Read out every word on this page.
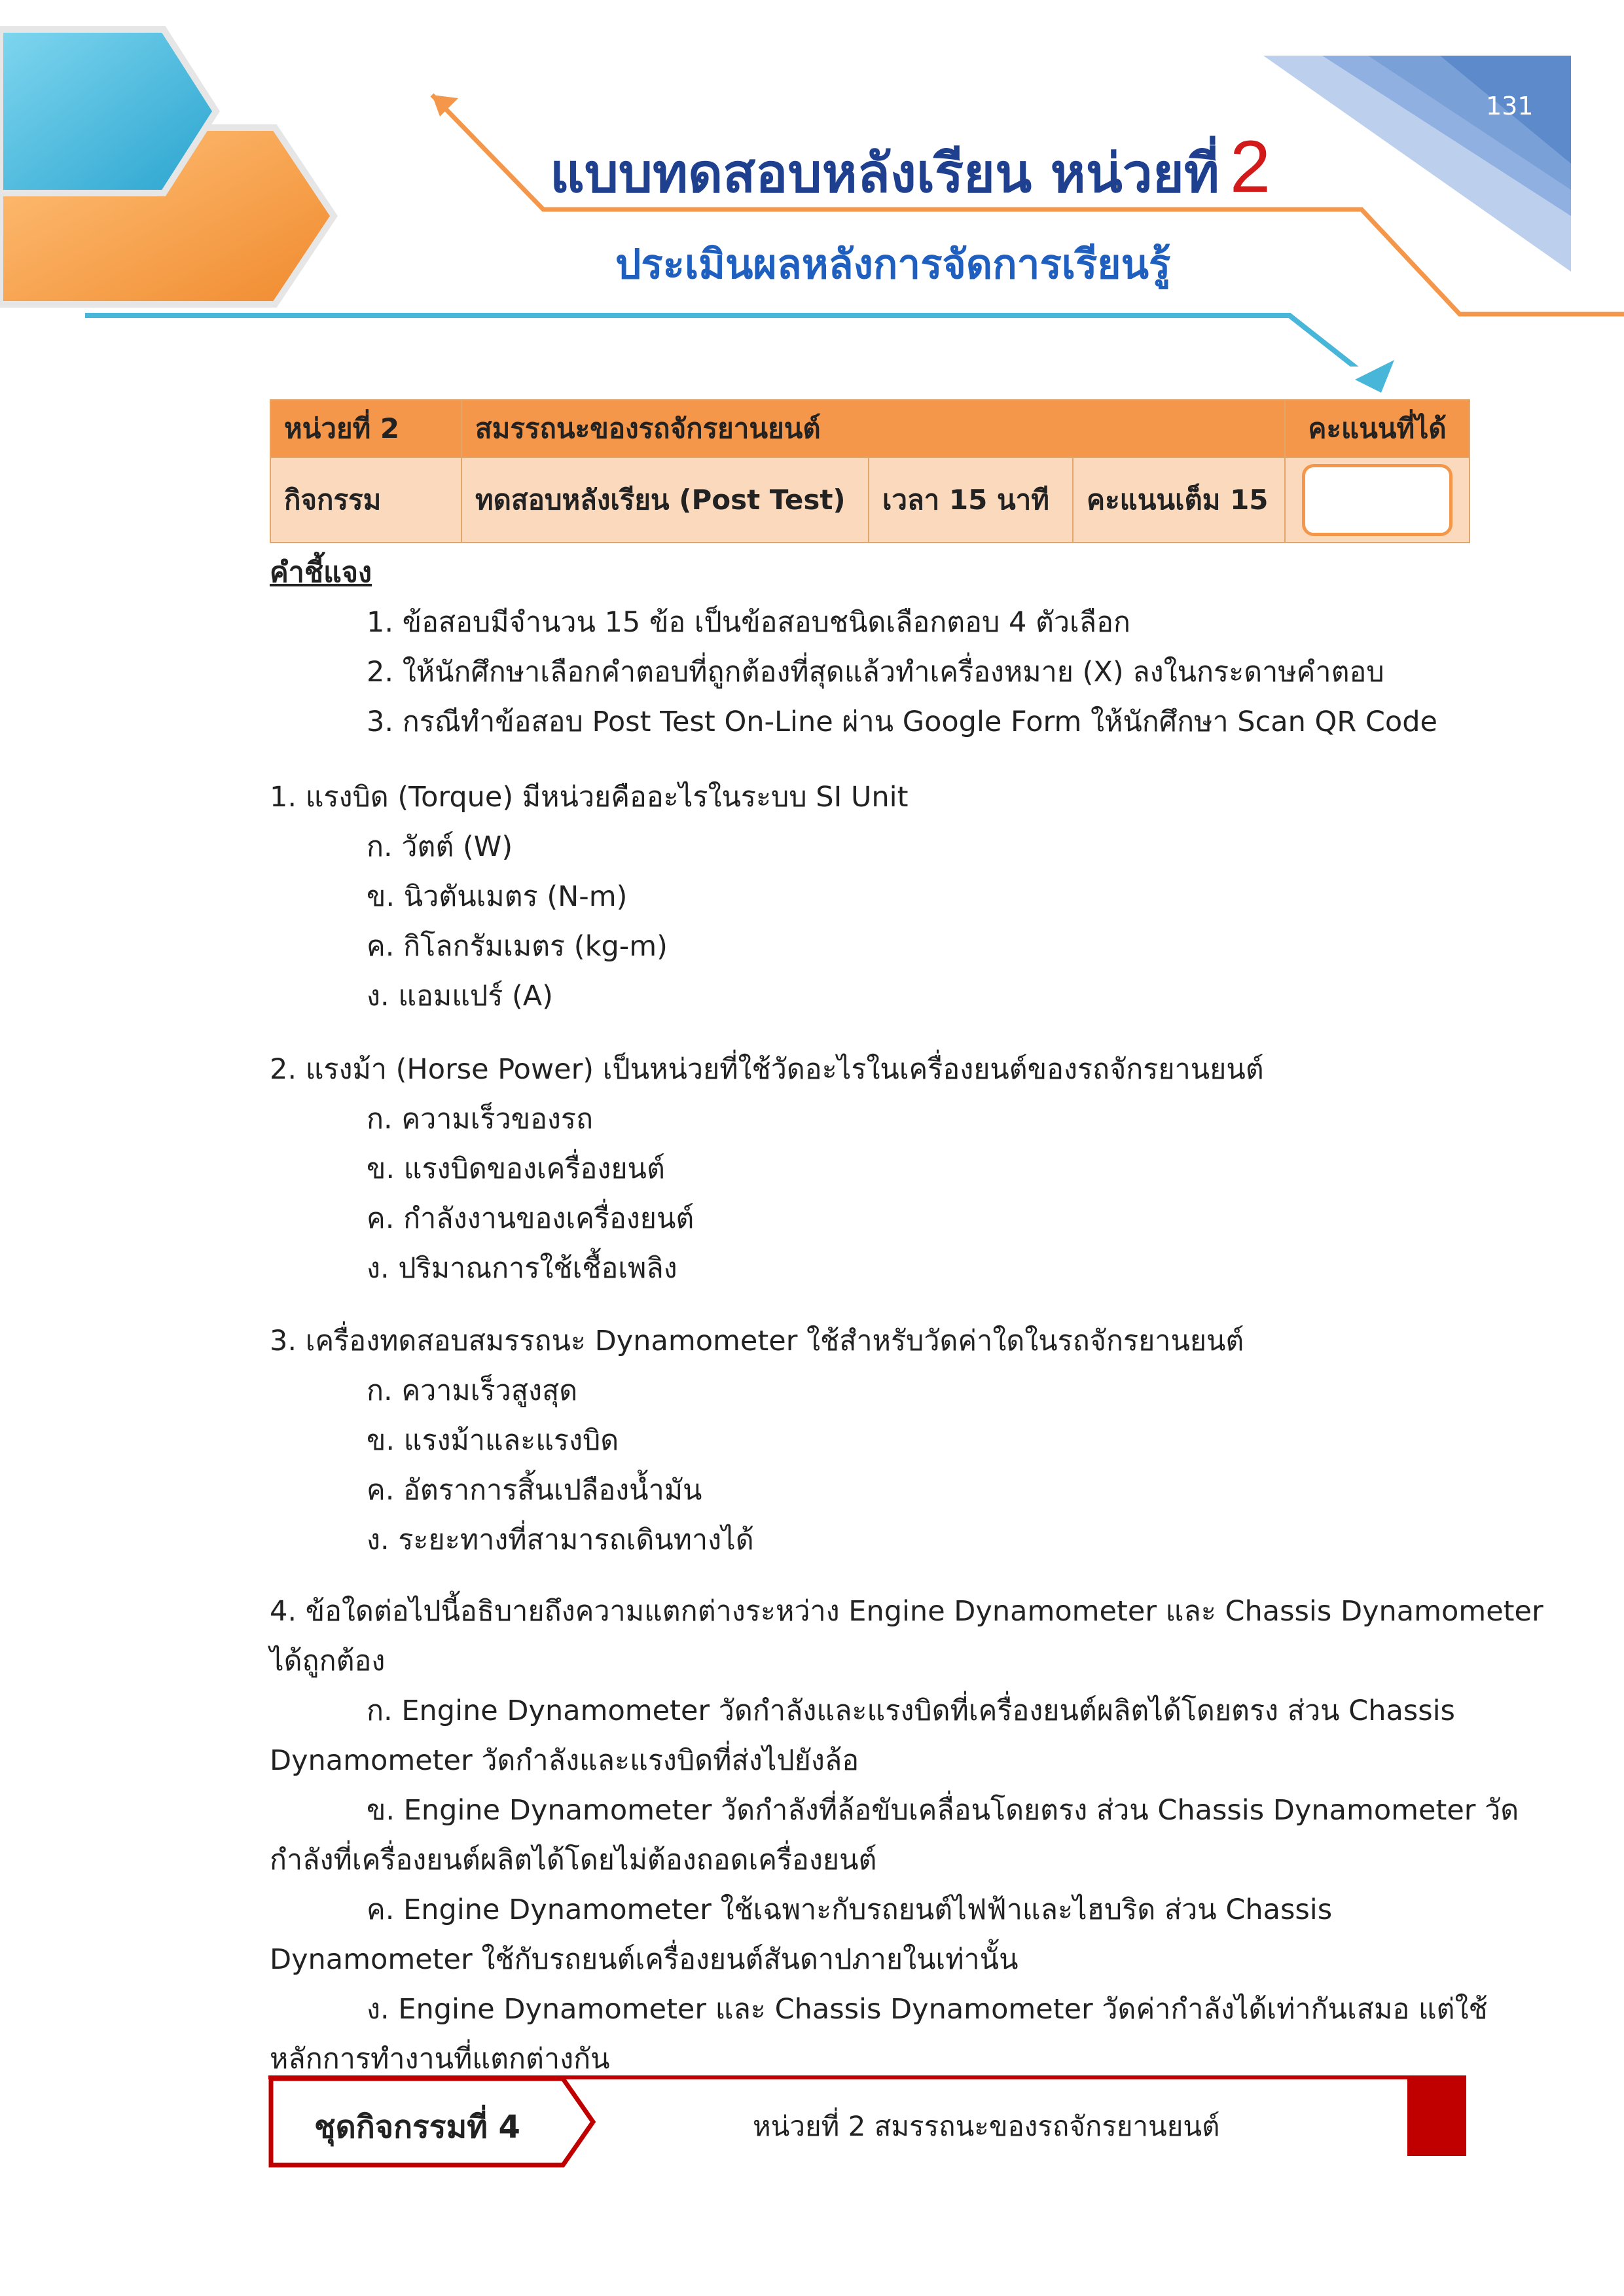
131
แบบทดสอบหลังเรียน หน่วยที่ 2
ประเมินผลหลังการจัดการเรียนรู้
หน่วยที่ 2	สมรรถนะของรถจักรยานยนต์			คะแนนที่ได้
กิจกรรม	ทดสอบหลังเรียน (Post Test)	เวลา 15 นาที	คะแนนเต็ม 15	
คำชี้แจง
1. ข้อสอบมีจำนวน 15 ข้อ เป็นข้อสอบชนิดเลือกตอบ 4 ตัวเลือก
2. ให้นักศึกษาเลือกคำตอบที่ถูกต้องที่สุดแล้วทำเครื่องหมาย (X) ลงในกระดาษคำตอบ
3. กรณีทำข้อสอบ Post Test On-Line ผ่าน Google Form ให้นักศึกษา Scan QR Code
1. แรงบิด (Torque) มีหน่วยคืออะไรในระบบ SI Unit
ก. วัตต์ (W)
ข. นิวตันเมตร (N-m)
ค. กิโลกรัมเมตร (kg-m)
ง. แอมแปร์ (A)
2. แรงม้า (Horse Power) เป็นหน่วยที่ใช้วัดอะไรในเครื่องยนต์ของรถจักรยานยนต์
ก. ความเร็วของรถ
ข. แรงบิดของเครื่องยนต์
ค. กำลังงานของเครื่องยนต์
ง. ปริมาณการใช้เชื้อเพลิง
3. เครื่องทดสอบสมรรถนะ Dynamometer ใช้สำหรับวัดค่าใดในรถจักรยานยนต์
ก. ความเร็วสูงสุด
ข. แรงม้าและแรงบิด
ค. อัตราการสิ้นเปลืองน้ำมัน
ง. ระยะทางที่สามารถเดินทางได้
4. ข้อใดต่อไปนี้อธิบายถึงความแตกต่างระหว่าง Engine Dynamometer และ Chassis Dynamometer
ได้ถูกต้อง
ก. Engine Dynamometer วัดกำลังและแรงบิดที่เครื่องยนต์ผลิตได้โดยตรง ส่วน Chassis
Dynamometer วัดกำลังและแรงบิดที่ส่งไปยังล้อ
ข. Engine Dynamometer วัดกำลังที่ล้อขับเคลื่อนโดยตรง ส่วน Chassis Dynamometer วัด
กำลังที่เครื่องยนต์ผลิตได้โดยไม่ต้องถอดเครื่องยนต์
ค. Engine Dynamometer ใช้เฉพาะกับรถยนต์ไฟฟ้าและไฮบริด ส่วน Chassis
Dynamometer ใช้กับรถยนต์เครื่องยนต์สันดาปภายในเท่านั้น
ง. Engine Dynamometer และ Chassis Dynamometer วัดค่ากำลังได้เท่ากันเสมอ แต่ใช้
หลักการทำงานที่แตกต่างกัน
ชุดกิจกรรมที่ 4	หน่วยที่ 2 สมรรถนะของรถจักรยานยนต์
